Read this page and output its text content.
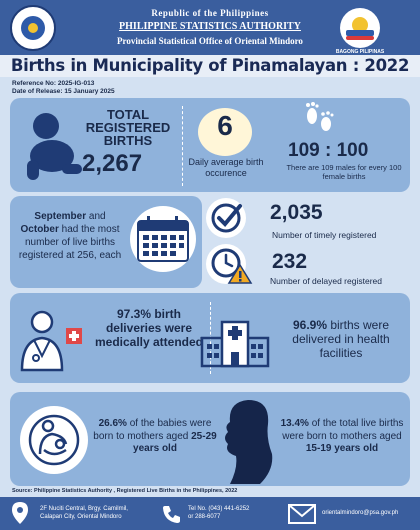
Republic of the Philippines
PHILIPPINE STATISTICS AUTHORITY
Provincial Statistical Office of Oriental Mindoro
BAGONG PILIPINAS
Births in Municipality of Pinamalayan : 2022
Reference No: 2025-IG-013
Date of Release: 15 January 2025
TOTAL REGISTERED BIRTHS
2,267
6
Daily average birth occurence
109 : 100
There are 109 males for every 100 female births
September and October had the most number of live births registered at 256, each
2,035
Number of timely registered
232
Number of delayed registered
97.3% birth deliveries were medically attended
96.9% births were delivered in health facilities
26.6% of the babies were born to mothers aged 25-29 years old
13.4% of the total live births were born to mothers aged 15-19 years old
Source: Philippine Statistics Authority , Registered Live Births in the Philippines, 2022
2F Nuciti Central, Brgy. Camilmil,
Calapan City, Oriental Mindoro
Tel No. (043) 441-6252
or 288-6077
orientalmindoro@psa.gov.ph
